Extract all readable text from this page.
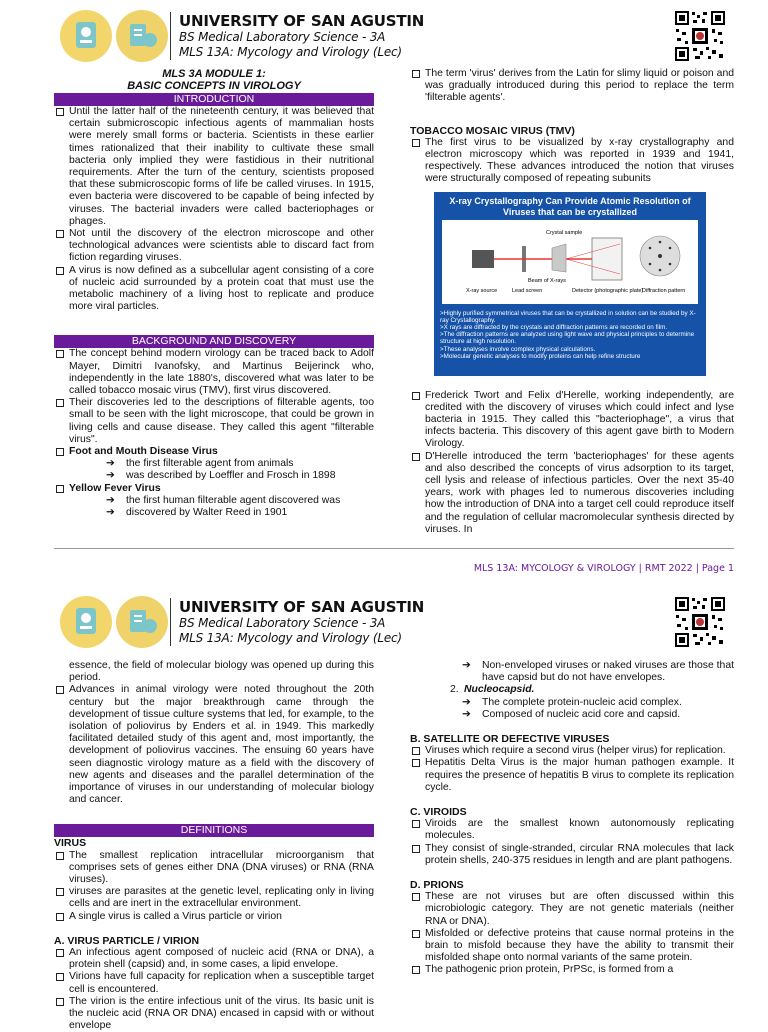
UNIVERSITY OF SAN AGUSTIN
BS Medical Laboratory Science - 3A
MLS 13A: Mycology and Virology (Lec)
MLS 3A MODULE 1:
BASIC CONCEPTS IN VIROLOGY
INTRODUCTION
Until the latter half of the nineteenth century, it was believed that certain submicroscopic infectious agents of mammalian hosts were merely small forms or bacteria. Scientists in these earlier times rationalized that their inability to cultivate these small bacteria only implied they were fastidious in their nutritional requirements. After the turn of the century, scientists proposed that these submicroscopic forms of life be called viruses. In 1915, even bacteria were discovered to be capable of being infected by viruses. The bacterial invaders were called bacteriophages or phages.
Not until the discovery of the electron microscope and other technological advances were scientists able to discard fact from fiction regarding viruses.
A virus is now defined as a subcellular agent consisting of a core of nucleic acid surrounded by a protein coat that must use the metabolic machinery of a living host to replicate and produce more viral particles.
BACKGROUND AND DISCOVERY
The concept behind modern virology can be traced back to Adolf Mayer, Dimitri Ivanofsky, and Martinus Beijerinck who, independently in the late 1880's, discovered what was later to be called tobacco mosaic virus (TMV), first virus discovered.
Their discoveries led to the descriptions of filterable agents, too small to be seen with the light microscope, that could be grown in living cells and cause disease. They called this agent "filterable virus".
Foot and Mouth Disease Virus
➔ the first filterable agent from animals
➔ was described by Loeffler and Frosch in 1898
Yellow Fever Virus
➔ the first human filterable agent discovered was
➔ discovered by Walter Reed in 1901
The term 'virus' derives from the Latin for slimy liquid or poison and was gradually introduced during this period to replace the term 'filterable agents'.
TOBACCO MOSAIC VIRUS (TMV)
The first virus to be visualized by x-ray crystallography and electron microscopy which was reported in 1939 and 1941, respectively. These advances introduced the notion that viruses were structurally composed of repeating subunits
X-ray Crystallography Can Provide Atomic Resolution of Viruses that can be crystallized
Crystal sample
Beam of X-rays
X-ray source	Lead screen	Detector (photographic plate)
Diffraction pattern
>Highly purified symmetrical viruses that can be crystallized in solution can be studied by X-ray Crystallography.
>X rays are diffracted by the crystals and diffraction patterns are recorded on film.
>The diffraction patterns are analyzed using light wave and physical principles to determine structure at high resolution.
>These analyses involve complex physical calculations.
>Molecular genetic analyses to modify proteins can help refine structure
Frederick Twort and Felix d'Herelle, working independently, are credited with the discovery of viruses which could infect and lyse bacteria in 1915. They called this "bacteriophage", a virus that infects bacteria. This discovery of this agent gave birth to Modern Virology.
D'Herelle introduced the term 'bacteriophages' for these agents and also described the concepts of virus adsorption to its target, cell lysis and release of infectious particles. Over the next 35-40 years, work with phages led to numerous discoveries including how the introduction of DNA into a target cell could reproduce itself and the regulation of cellular macromolecular synthesis directed by viruses. In
MLS 13A: MYCOLOGY & VIROLOGY | RMT 2022 | Page 1
UNIVERSITY OF SAN AGUSTIN
BS Medical Laboratory Science - 3A
MLS 13A: Mycology and Virology (Lec)
essence, the field of molecular biology was opened up during this period.
Advances in animal virology were noted throughout the 20th century but the major breakthrough came through the development of tissue culture systems that led, for example, to the isolation of poliovirus by Enders et al. in 1949. This markedly facilitated detailed study of this agent and, most importantly, the development of poliovirus vaccines. The ensuing 60 years have seen diagnostic virology mature as a field with the discovery of new agents and diseases and the parallel determination of the importance of viruses in our understanding of molecular biology and cancer.
DEFINITIONS
VIRUS
The smallest replication intracellular microorganism that comprises sets of genes either DNA (DNA viruses) or RNA (RNA viruses).
viruses are parasites at the genetic level, replicating only in living cells and are inert in the extracellular environment.
A single virus is called a Virus particle or virion
A. VIRUS PARTICLE / VIRION
An infectious agent composed of nucleic acid (RNA or DNA), a protein shell (capsid) and, in some cases, a lipid envelope.
Virions have full capacity for replication when a susceptible target cell is encountered.
The virion is the entire infectious unit of the virus. Its basic unit is the nucleic acid (RNA OR DNA) encased in capsid with or without envelope
➔ Non-enveloped viruses or naked viruses are those that have capsid but do not have envelopes.
2. Nucleocapsid.
➔ The complete protein-nucleic acid complex.
➔ Composed of nucleic acid core and capsid.
B. SATELLITE OR DEFECTIVE VIRUSES
Viruses which require a second virus (helper virus) for replication.
Hepatitis Delta Virus is the major human pathogen example. It requires the presence of hepatitis B virus to complete its replication cycle.
C. VIROIDS
Viroids are the smallest known autonomously replicating molecules.
They consist of single-stranded, circular RNA molecules that lack protein shells, 240-375 residues in length and are plant pathogens.
D. PRIONS
These are not viruses but are often discussed within this microbiologic category. They are not genetic materials (neither RNA or DNA).
Misfolded or defective proteins that cause normal proteins in the brain to misfold because they have the ability to transmit their misfolded shape onto normal variants of the same protein.
The pathogenic prion protein, PrPSc, is formed from a
